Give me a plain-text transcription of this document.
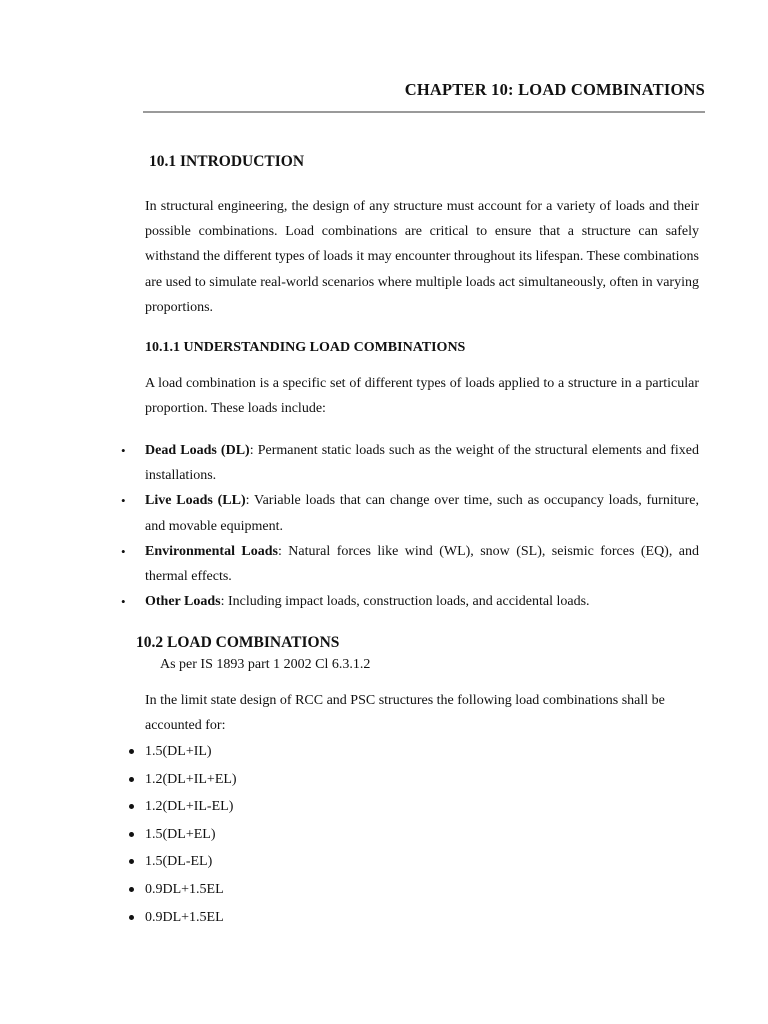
CHAPTER 10: LOAD COMBINATIONS
10.1 INTRODUCTION

In structural engineering, the design of any structure must account for a variety of loads and their possible combinations. Load combinations are critical to ensure that a structure can safely withstand the different types of loads it may encounter throughout its lifespan. These combinations are used to simulate real-world scenarios where multiple loads act simultaneously, often in varying proportions.

10.1.1 UNDERSTANDING LOAD COMBINATIONS

A load combination is a specific set of different types of loads applied to a structure in a particular proportion. These loads include:

• Dead Loads (DL): Permanent static loads such as the weight of the structural elements and fixed installations.
• Live Loads (LL): Variable loads that can change over time, such as occupancy loads, furniture, and movable equipment.
• Environmental Loads: Natural forces like wind (WL), snow (SL), seismic forces (EQ), and thermal effects.
• Other Loads: Including impact loads, construction loads, and accidental loads.
10.2 LOAD COMBINATIONS

As per IS 1893 part 1 2002 Cl 6.3.1.2

In the limit state design of RCC and PSC structures the following load combinations shall be accounted for:

1.5(DL+IL)
1.2(DL+IL+EL)
1.2(DL+IL-EL)
1.5(DL+EL)
1.5(DL-EL)
0.9DL+1.5EL
0.9DL+1.5EL
